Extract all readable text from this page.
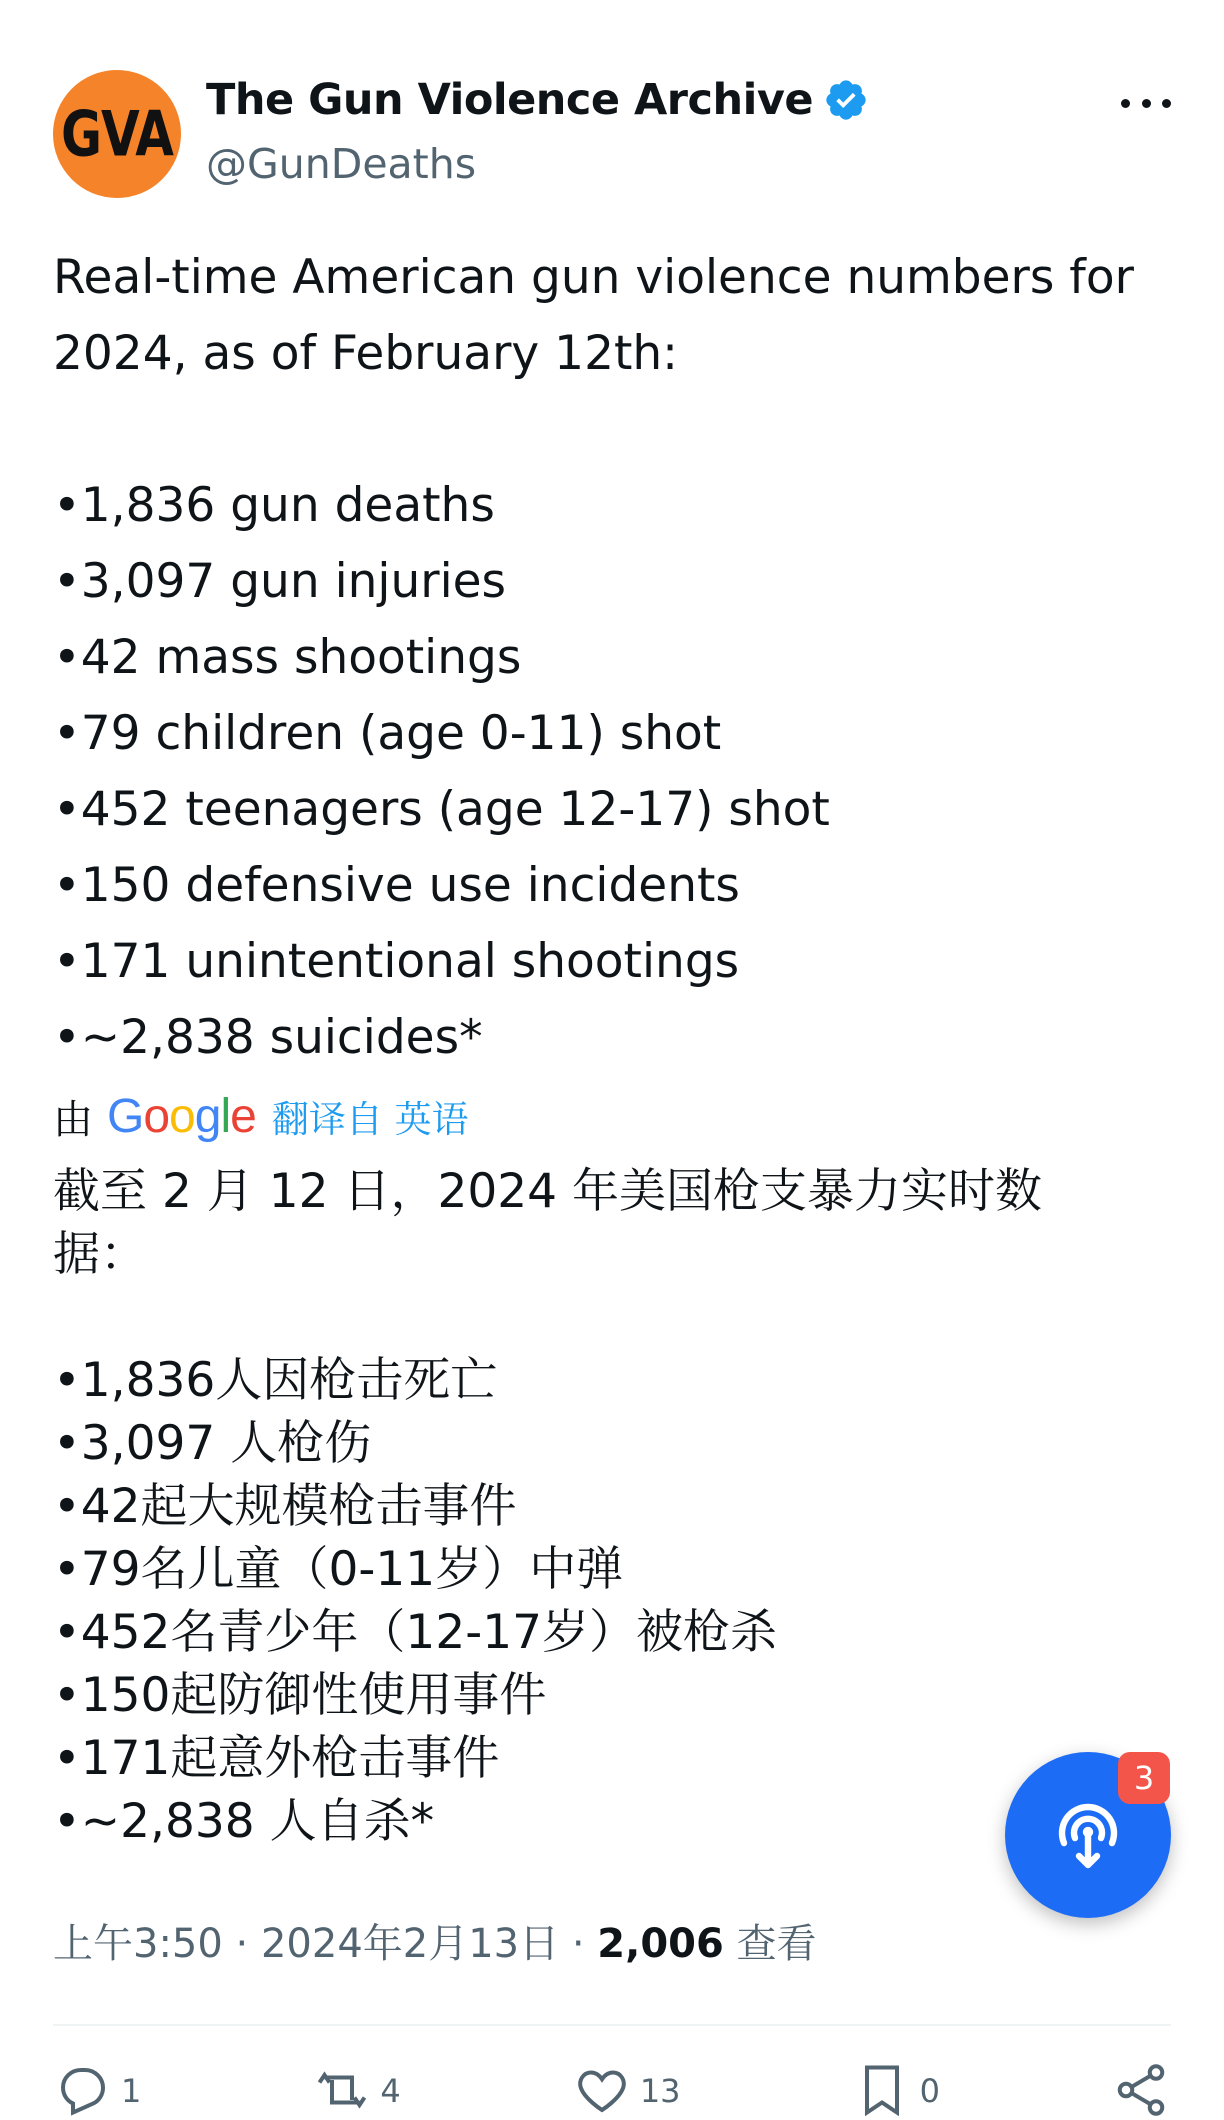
GVA The Gun Violence Archive
@GunDeaths

Real-time American gun violence numbers for

2024, as of February 12th:

•1,836 gun deaths

•3,097 gun injuries

•42 mass shootings

•79 children (age 0-11) shot

•452 teenagers (age 12-17) shot

•150 defensive use incidents

•171 unintentional shootings

•~2,838 suicides*

由 Google 翻译自 英语

截至 2 月 12 日，2024 年美国枪支暴力实时数

据：

•1,836人因枪击死亡

•3,097 人枪伤

•42起大规模枪击事件

•79名儿童（0-11岁）中弹

•452名青少年（12-17岁）被枪杀

•150起防御性使用事件

•171起意外枪击事件

•~2,838 人自杀*

上午3:50 · 2024年2月13日 · 2,006 查看
1	4	13	0
3
